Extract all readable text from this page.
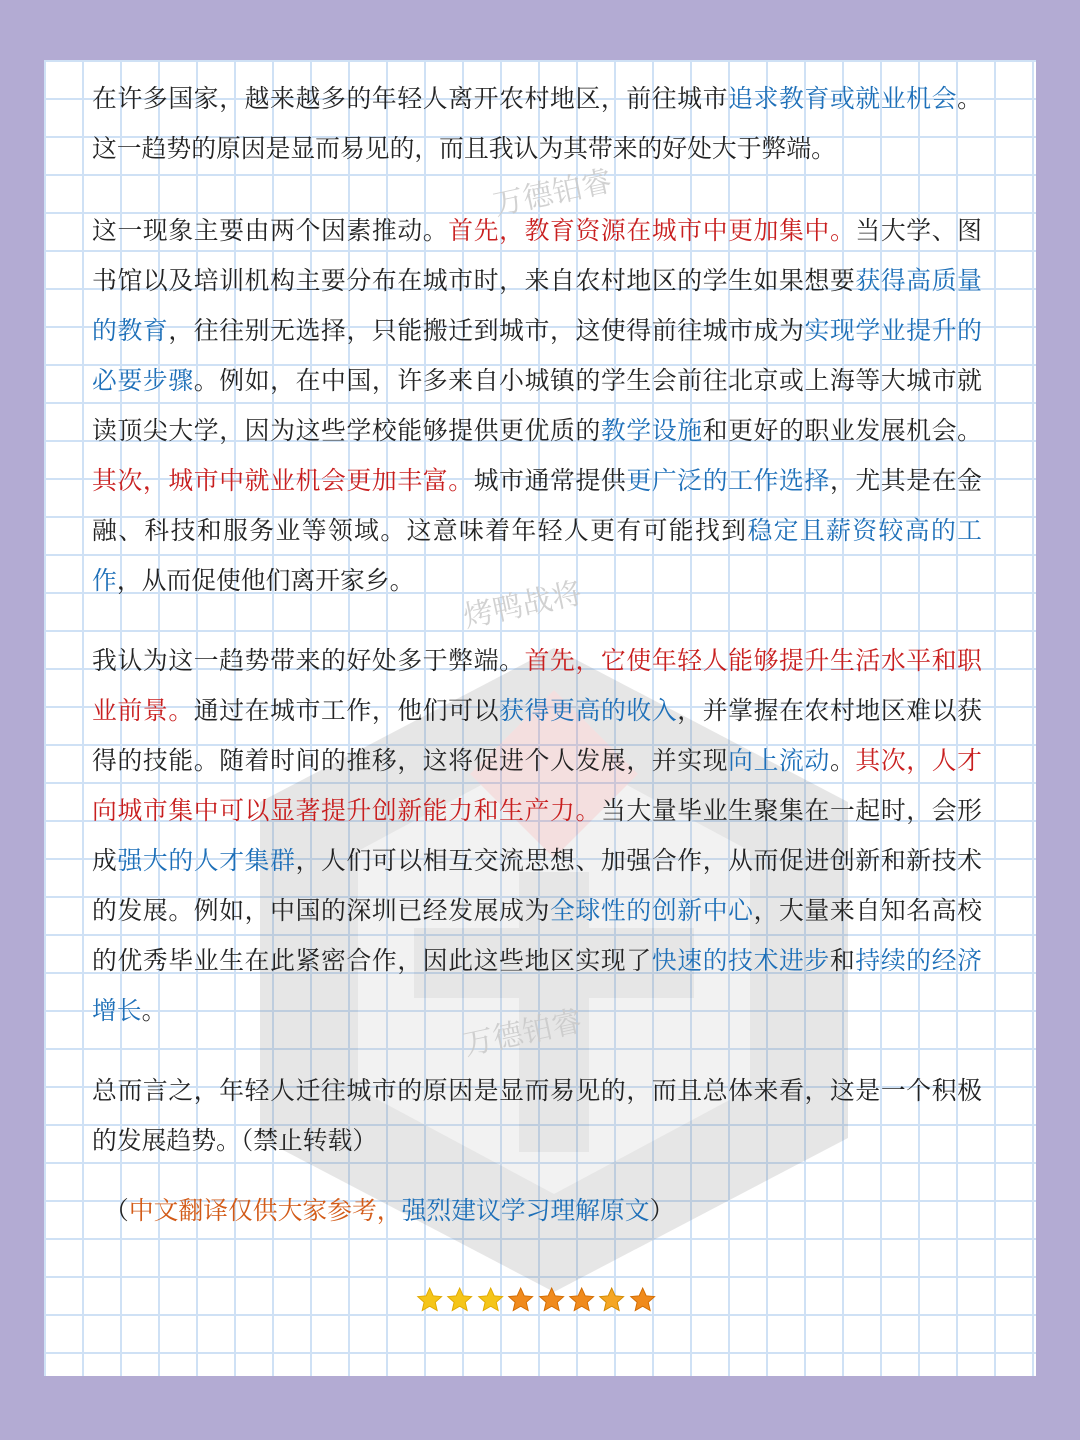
万德铂睿
烤鸭战将
万德铂睿

在许多国家，越来越多的年轻人离开农村地区，前往城市追求教育或就业机会。这一趋势的原因是显而易见的，而且我认为其带来的好处大于弊端。

这一现象主要由两个因素推动。首先，教育资源在城市中更加集中。当大学、图书馆以及培训机构主要分布在城市时，来自农村地区的学生如果想要获得高质量的教育，往往别无选择，只能搬迁到城市，这使得前往城市成为实现学业提升的必要步骤。例如，在中国，许多来自小城镇的学生会前往北京或上海等大城市就读顶尖大学，因为这些学校能够提供更优质的教学设施和更好的职业发展机会。其次，城市中就业机会更加丰富。城市通常提供更广泛的工作选择，尤其是在金融、科技和服务业等领域。这意味着年轻人更有可能找到稳定且薪资较高的工作，从而促使他们离开家乡。

我认为这一趋势带来的好处多于弊端。首先，它使年轻人能够提升生活水平和职业前景。通过在城市工作，他们可以获得更高的收入，并掌握在农村地区难以获得的技能。随着时间的推移，这将促进个人发展，并实现向上流动。其次，人才向城市集中可以显著提升创新能力和生产力。当大量毕业生聚集在一起时，会形成强大的人才集群，人们可以相互交流思想、加强合作，从而促进创新和新技术的发展。例如，中国的深圳已经发展成为全球性的创新中心，大量来自知名高校的优秀毕业生在此紧密合作，因此这些地区实现了快速的技术进步和持续的经济增长。

总而言之，年轻人迁往城市的原因是显而易见的，而且总体来看，这是一个积极的发展趋势。（禁止转载）

（中文翻译仅供大家参考，强烈建议学习理解原文）
